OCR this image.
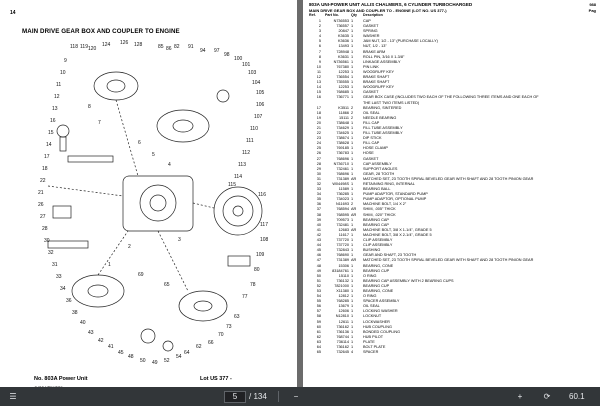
14
MAIN DRIVE GEAR BOX AND COUPLER TO ENGINE
118 119 120
124 126 128	85 86 82 91
94 97
98
100
101
103
104
105
106
107
110
111
112
113
114
115
116
117
108
109
80
78
77
63
73
70
66
62
64
54
52
49
50
48
45
41
42
43
40
38
36
34
33
31
32
30
28
27
26
21
22
18
17
14
15
16
13
12
11
10
9
8
7
6
5
4
3
2
1
69
65
No. 803A Power Unit	Lot US 377 -
803A UNI-POWER UNIT ALLIS CHALMERS, 6 CYLINDER TURBOCHARGED	988
MAIN DRIVE GEAR BOX AND COUPLER TO - ENGINE (LOT NO. US 377-)	Pag
Ref.	Part No.	Qty Description
1	N736553 1	CAP
2	736557 1	GASKET
3	20847 1	SPRING
4	K3635 1	WASHER
5	K3636 1	JAM NUT, 1/2 - 13" (PURCHASE LOCALLY)
6	13493 1	NUT, 1/2 - 13"
7	728948 1	BRAKE ARM
8	K3631 1	ROLL PIN, 3/16 X 1-3/8"
9	N736561 1	LINKAGE ASSEMBLY
10	767380 1	PIN LINK
11	12253 1	WOODRUFF KEY
12	736554 1	BRAKE SHAFT
13	735555 1	BRAKE SHAFT
14	12253 1	WOODRUFF KEY
15	768685 1	GASKET
16	736771 1	GEAR BOX CASE (INCLUDES TWO EACH OF THE FOLLOWING THREE ITEMS AND ONE EACH OF
THE LAST TWO ITEMS LISTED)
17	K3511 2	BEARING, SINTERED
18	11866 2	OIL SEAL
19	15111 2	NEEDLE BEARING
20	738648 1	FILL CAP
21	734629 1	FILL TUBE ASSEMBLY
22	734625 1	FILL TUBE ASSEMBLY
23	738674 1	DIP STICK
24	738628 1	FILL CAP
25	769185 1	HOSE CLAMP
26	736783 1	HOSE
27	768696 1	GASKET
28	N736710 1	CAP ASSEMBLY
29	732461 1	SUPPORT ANGLES
30	768696 1	GEAR, 28 TOOTH
31	731389 AR	MATCHED SET, 23 TOOTH SPIRAL BEVELED GEAR WITH SHAFT AND 28 TOOTH PINION GEAR
32	W04498S 1	RETAINING RING, INTERNAL
33	11589 1	BEARING BALL
34	736285 1	PUMP ADAPTOR, STANDARD PUMP
35	734023 1	PUMP ADAPTOR, OPTIONAL PUMP
36	N11693 2	MACHINE BOLT, 1/4 X 2"
37	768594 AR	SHIM, .005" THICK
38	768595 AR	SHIM, .020" THICK
39	709573 1	BEARING CAP
40	732481 1	BEARING CAP
41	12683 AR	MACHINE BOLT, 3/8 X 1-1/4", GRADE 5
42	11617 1	MACHINE BOLT, 3/8 X 2-1/4", GRADE 5
43	737720 1	CLIP ASSEMBLY
44	737720 1	CLIP ASSEMBLY
45	732843 1	BUSHING
46	768690 1	GEAR AND SHAFT, 23 TOOTH
47	731389 AR	MATCHED SET, 23 TOOTH SPIRAL BEVELED GEAR WITH SHAFT AND 28 TOOTH PINION GEAR
48	15306 1	BEARING, CONE
49	83184761 1	BEARING CUP
50	15110 1	O RING
51	736132 1	BEARING CAP ASSEMBLY WITH 2 BEARING CUPS
52	7821000 1	BEARING CUP
53	X11380 1	BEARING, CONE
54	12812 1	O RING
55	768285 1	SPACER ASSEMBLY
56	13679 1	OIL SEAL
57	12606 1	LOCKING WASHER
58	N12810 1	LOCKNUT
59	12611 1	LOCKWASHER
60	736162 1	HUB COUPLING
61	736136 1	BONDED COUPLING
62	768744 1	HUB PILOT
63	736114 1	PLATE
64	736162 1	BOLT PLATE
65	732645 4	SPACER
☰	5 / 134	−	+	⟳	60.1
